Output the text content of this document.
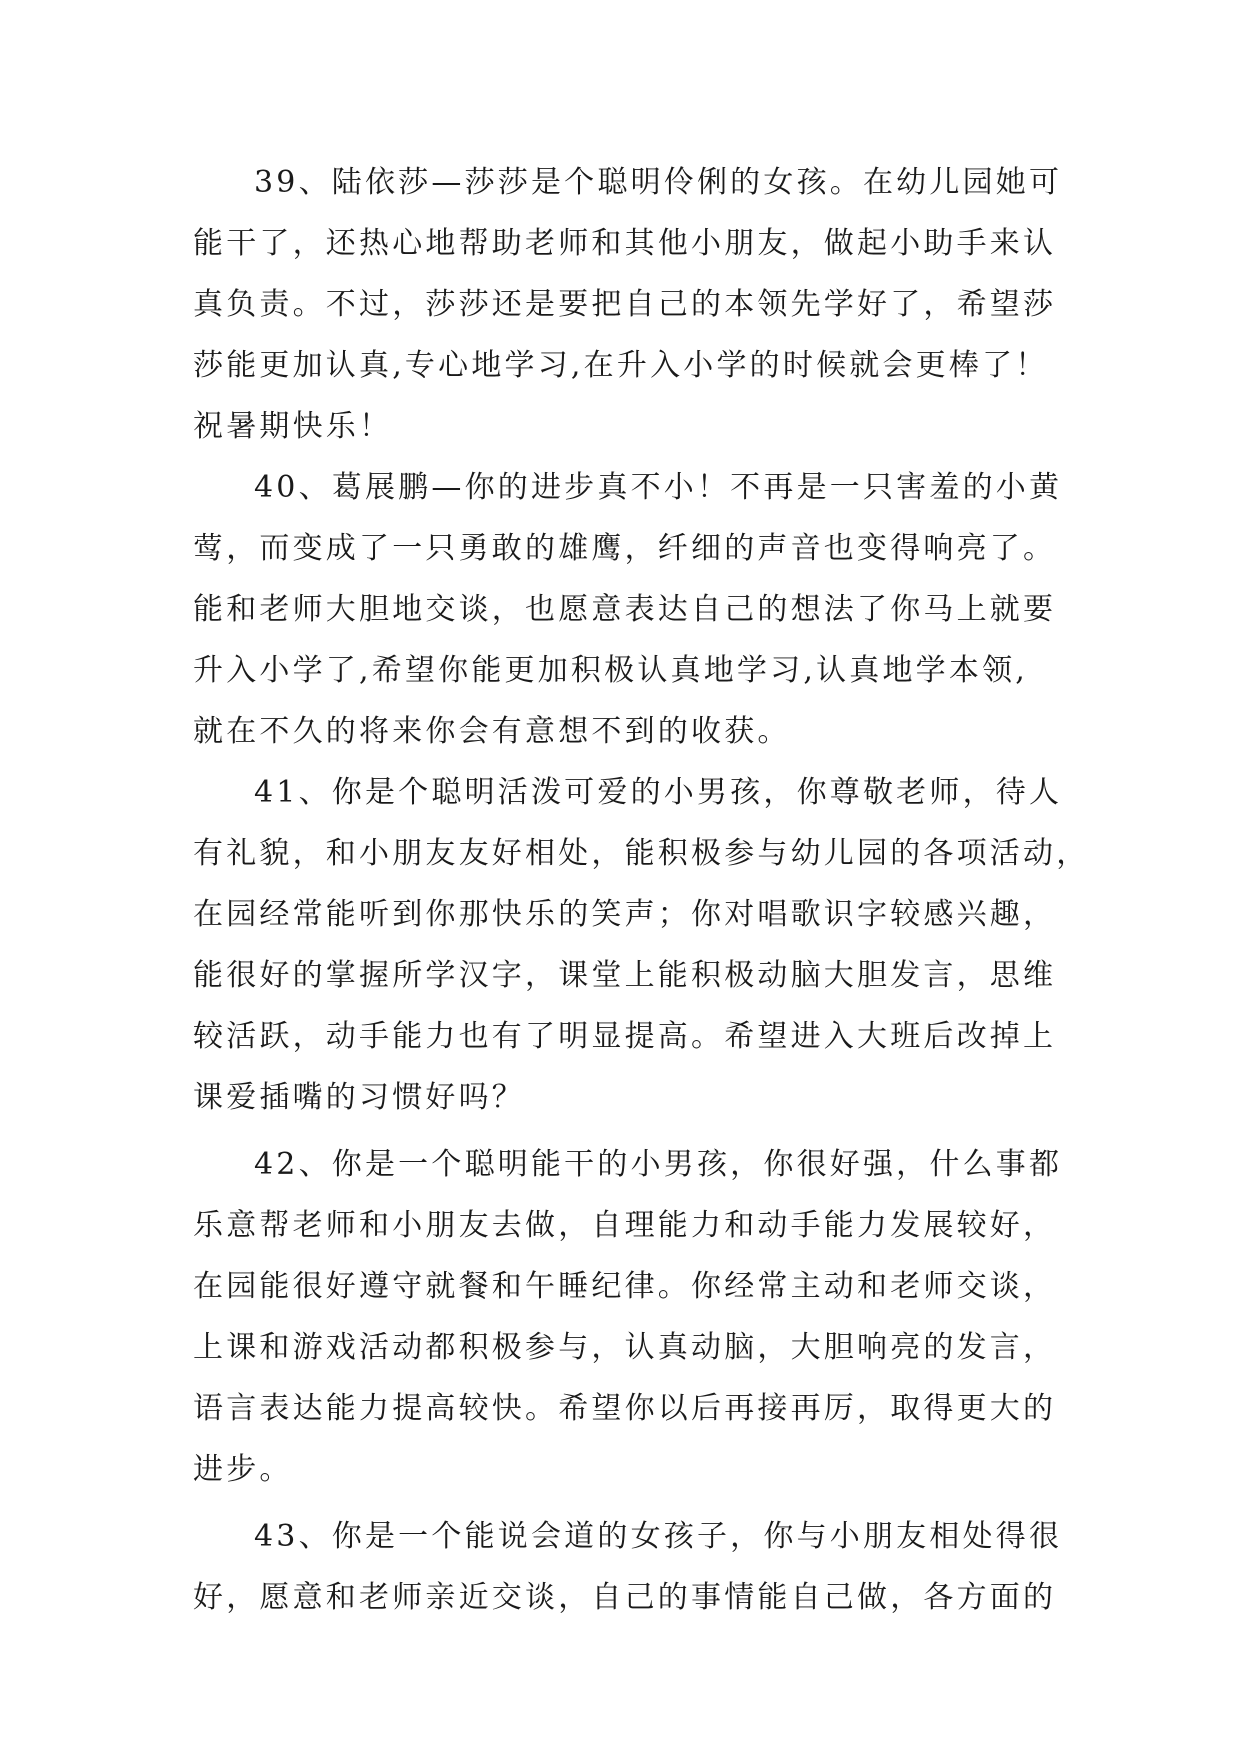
39、陆依莎—莎莎是个聪明伶俐的女孩。在幼儿园她可
能干了，还热心地帮助老师和其他小朋友，做起小助手来认
真负责。不过，莎莎还是要把自己的本领先学好了，希望莎
莎能更加认真,专心地学习,在升入小学的时候就会更棒了！
祝暑期快乐！
40、葛展鹏—你的进步真不小！不再是一只害羞的小黄
莺，而变成了一只勇敢的雄鹰，纤细的声音也变得响亮了。
能和老师大胆地交谈，也愿意表达自己的想法了你马上就要
升入小学了,希望你能更加积极认真地学习,认真地学本领,
就在不久的将来你会有意想不到的收获。
41、你是个聪明活泼可爱的小男孩，你尊敬老师，待人
有礼貌，和小朋友友好相处，能积极参与幼儿园的各项活动，
在园经常能听到你那快乐的笑声；你对唱歌识字较感兴趣，
能很好的掌握所学汉字，课堂上能积极动脑大胆发言，思维
较活跃，动手能力也有了明显提高。希望进入大班后改掉上
课爱插嘴的习惯好吗？
42、你是一个聪明能干的小男孩，你很好强，什么事都
乐意帮老师和小朋友去做，自理能力和动手能力发展较好，
在园能很好遵守就餐和午睡纪律。你经常主动和老师交谈，
上课和游戏活动都积极参与，认真动脑，大胆响亮的发言，
语言表达能力提高较快。希望你以后再接再厉，取得更大的
进步。
43、你是一个能说会道的女孩子，你与小朋友相处得很
好，愿意和老师亲近交谈，自己的事情能自己做，各方面的
